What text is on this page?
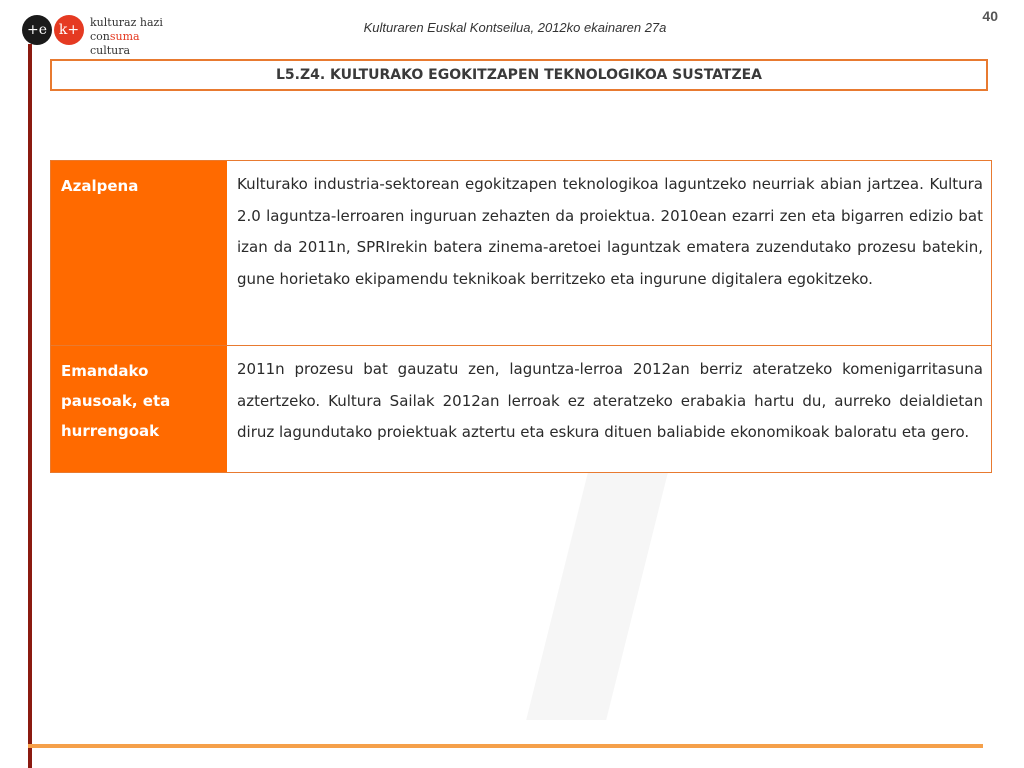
+e k+ kulturaz hazi
consuma cultura
Kulturaren Euskal Kontseilua, 2012ko ekainaren 27a
40
L5.Z4. KULTURAKO EGOKITZAPEN TEKNOLOGIKOA SUSTATZEA
Azalpena	Kulturako industria-sektorean egokitzapen teknologikoa laguntzeko neurriak abian jartzea. Kultura 2.0 laguntza-lerroaren inguruan zehazten da proiektua. 2010ean ezarri zen eta bigarren edizio bat izan da 2011n, SPRIrekin batera zinema-aretoei laguntzak ematera zuzendutako prozesu batekin, gune horietako ekipamendu teknikoak berritzeko eta ingurune digitalera egokitzeko.
Emandako pausoak, eta hurrengoak
2011n prozesu bat gauzatu zen, laguntza-lerroa 2012an berriz ateratzeko komenigarritasuna aztertzeko. Kultura Sailak 2012an lerroak ez ateratzeko erabakia hartu du, aurreko deialdietan diruz lagundutako proiektuak aztertu eta eskura dituen baliabide ekonomikoak baloratu eta gero.
